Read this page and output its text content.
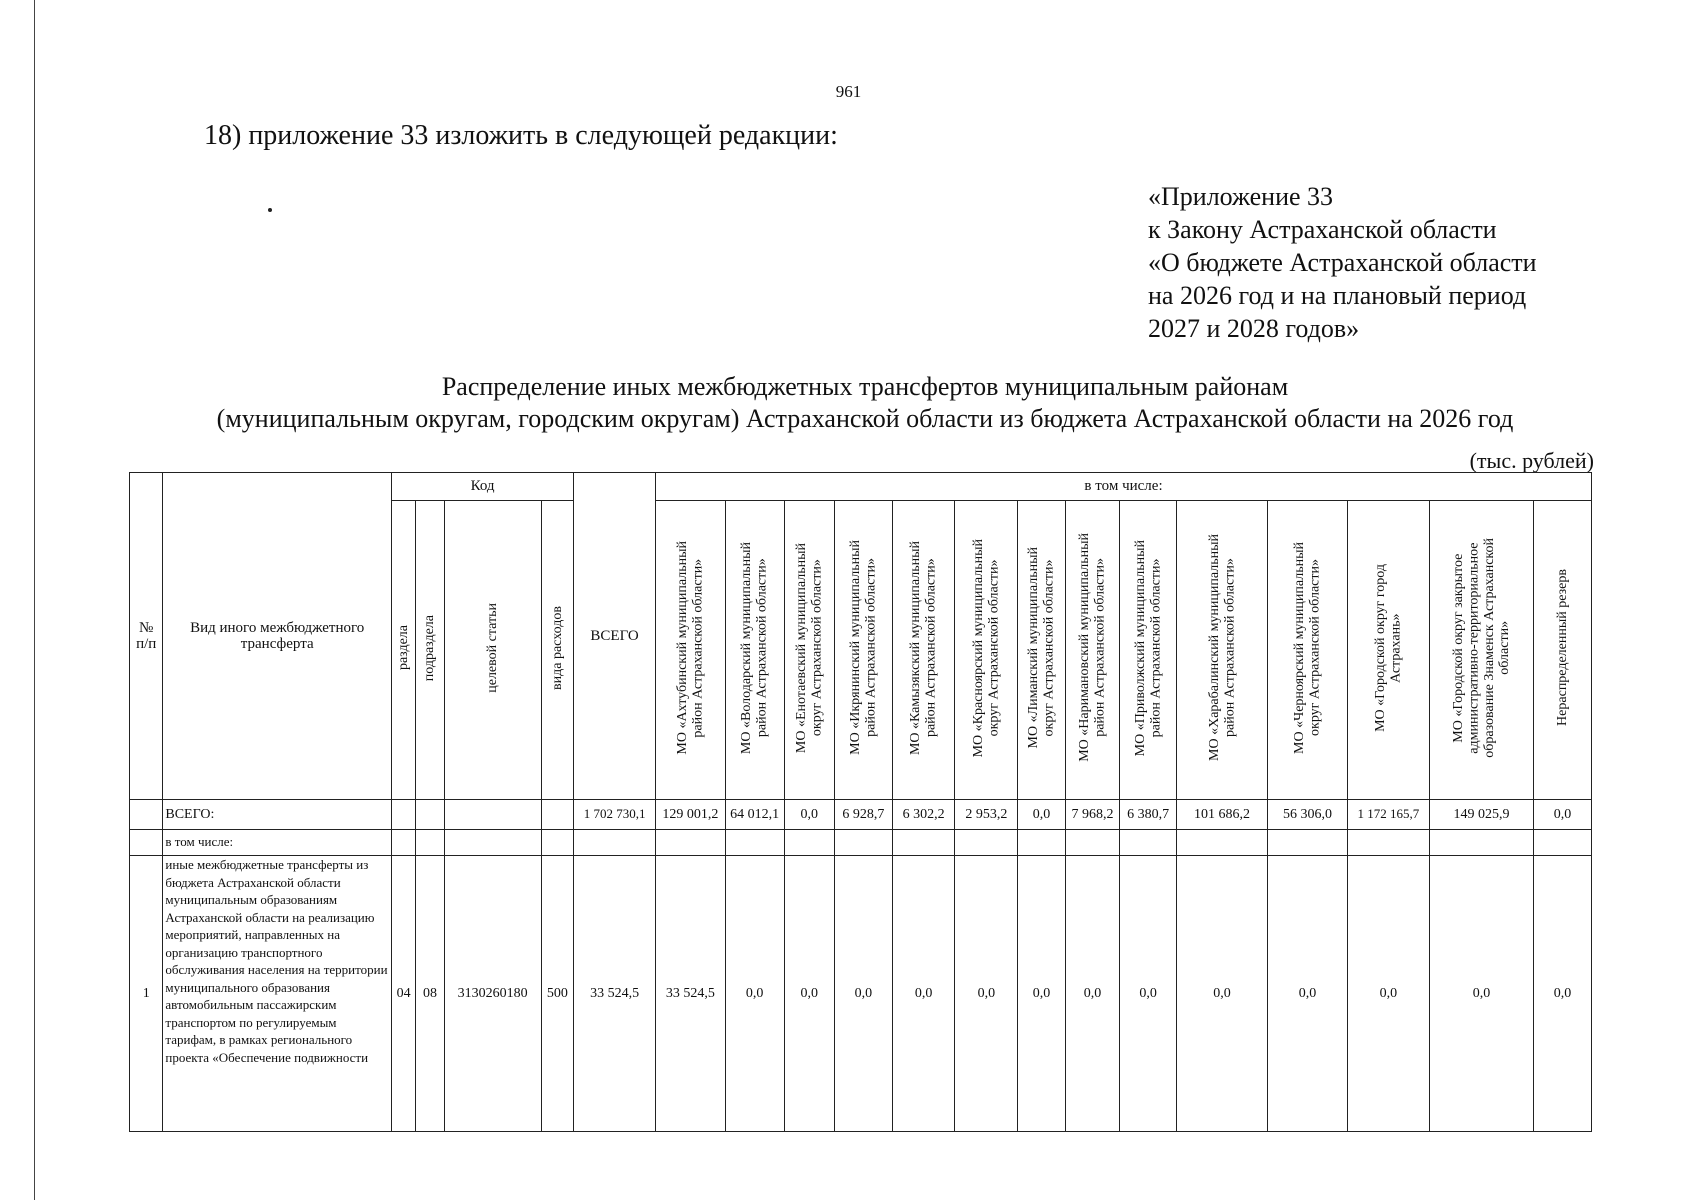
961
18) приложение 33 изложить в следующей редакции:
«Приложение 33
к Закону Астраханской области
«О бюджете Астраханской области
на 2026 год и на плановый период
2027 и 2028 годов»
Распределение иных межбюджетных трансфертов муниципальным районам
(муниципальным округам, городским округам) Астраханской области из бюджета Астраханской области на 2026 год
(тыс. рублей)
№
п/п	Вид иного межбюджетного трансферта	Код				ВСЕГО	в том числе:													
		раздела	подраздела	целевой статьи	вида расходов		МО «Ахтубинский муниципальный
район Астраханской области»	МО «Володарский муниципальный
район Астраханской области»	МО «Енотаевский муниципальный
округ Астраханской области»	МО «Икрянинский муниципальный
район Астраханской области»	МО «Камызякский муниципальный
район Астраханской области»	МО «Красноярский муниципальный
округ Астраханской области»	МО «Лиманский муниципальный
округ Астраханской области»	МО «Наримановский муниципальный
район Астраханской области»	МО «Приволжский муниципальный
район Астраханской области»	МО «Харабалинский муниципальный
район Астраханской области»	МО «Черноярский муниципальный
округ Астраханской области»	МО «Городской округ город
Астрахань»	МО «Городской округ закрытое
административно-территориальное
образование Знаменск Астраханской
области»	Нераспределенный резерв
	ВСЕГО:					1 702 730,1	129 001,2	64 012,1	0,0	6 928,7	6 302,2	2 953,2	0,0	7 968,2	6 380,7	101 686,2	56 306,0	1 172 165,7	149 025,9	0,0
	в том числе:																			
1	иные межбюджетные трансферты из бюджета Астраханской области муниципальным образованиям Астраханской области на реализацию мероприятий, направленных на организацию транспортного обслуживания населения на территории муниципального образования автомобильным пассажирским транспортом по регулируемым тарифам, в рамках регионального проекта «Обеспечение подвижности	04	08	3130260180	500	33 524,5	33 524,5	0,0	0,0	0,0	0,0	0,0	0,0	0,0	0,0	0,0	0,0	0,0	0,0	0,0
